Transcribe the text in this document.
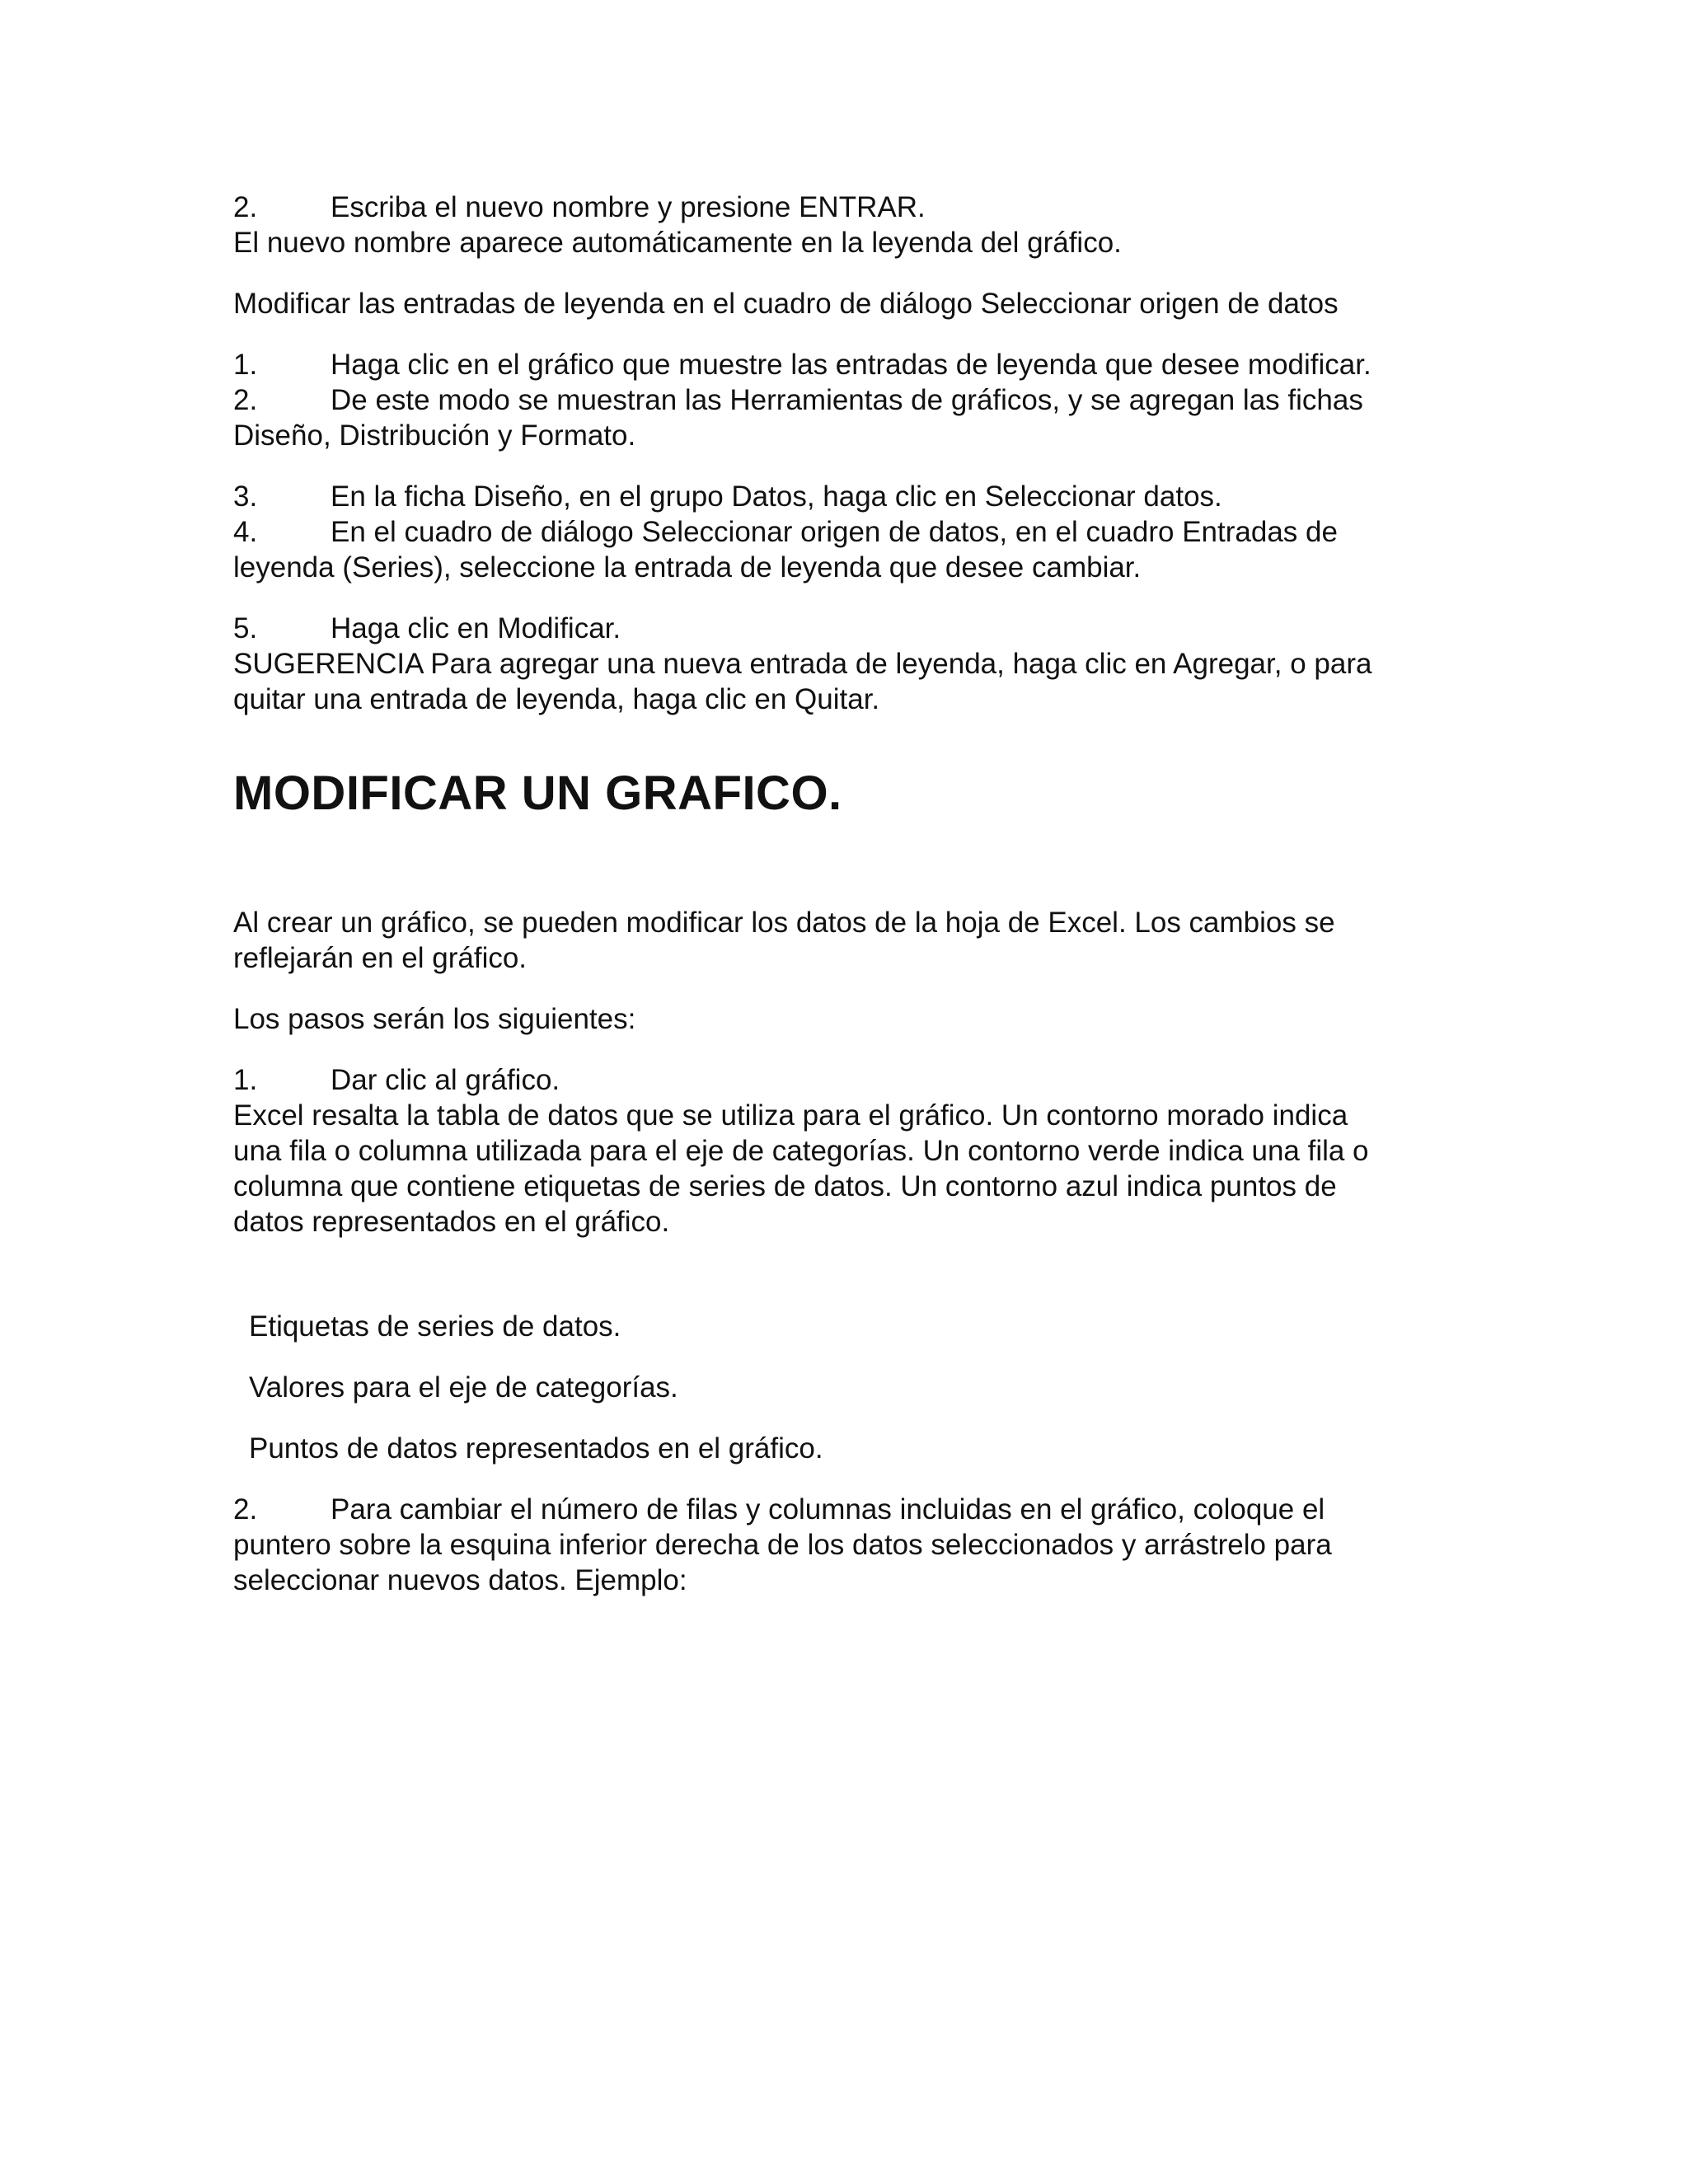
2.	Escriba el nuevo nombre y presione ENTRAR.

El nuevo nombre aparece automáticamente en la leyenda del gráfico.

Modificar las entradas de leyenda en el cuadro de diálogo Seleccionar origen de datos

1.	Haga clic en el gráfico que muestre las entradas de leyenda que desee modificar.
2.	De este modo se muestran las Herramientas de gráficos, y se agregan las fichas
Diseño, Distribución y Formato.
3.	En la ficha Diseño, en el grupo Datos, haga clic en Seleccionar datos.
4.	En el cuadro de diálogo Seleccionar origen de datos, en el cuadro Entradas de
leyenda (Series), seleccione la entrada de leyenda que desee cambiar.
5.	Haga clic en Modificar.
SUGERENCIA Para agregar una nueva entrada de leyenda, haga clic en Agregar, o para
quitar una entrada de leyenda, haga clic en Quitar.
MODIFICAR UN GRAFICO.
Al crear un gráfico, se pueden modificar los datos de la hoja de Excel. Los cambios se
reflejarán en el gráfico.

Los pasos serán los siguientes:

1.	Dar clic al gráfico.
Excel resalta la tabla de datos que se utiliza para el gráfico. Un contorno morado indica
una fila o columna utilizada para el eje de categorías. Un contorno verde indica una fila o
columna que contiene etiquetas de series de datos. Un contorno azul indica puntos de
datos representados en el gráfico.

Etiquetas de series de datos.

Valores para el eje de categorías.

Puntos de datos representados en el gráfico.

2.	Para cambiar el número de filas y columnas incluidas en el gráfico, coloque el
puntero sobre la esquina inferior derecha de los datos seleccionados y arrástrelo para
seleccionar nuevos datos. Ejemplo:
